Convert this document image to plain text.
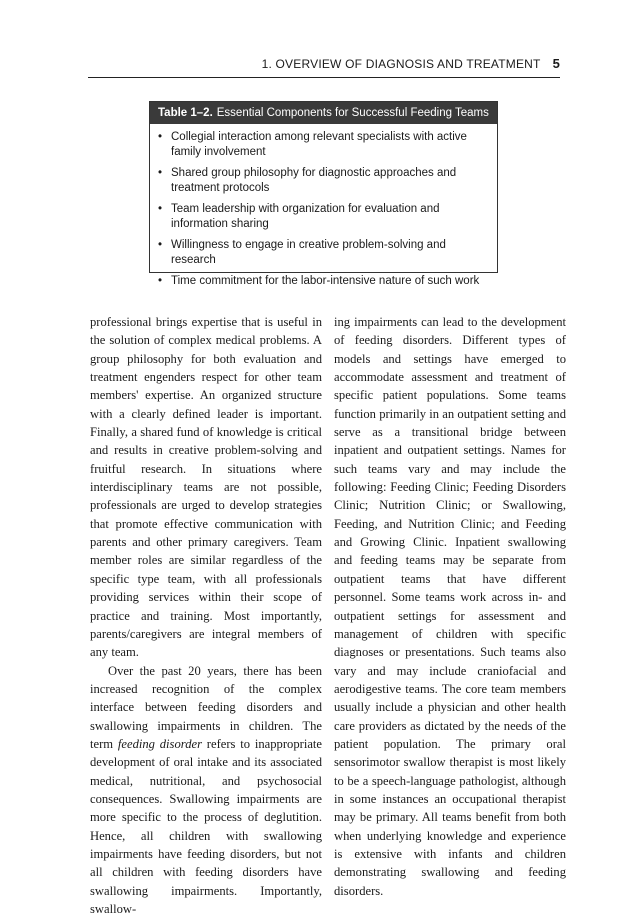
1. OVERVIEW OF DIAGNOSIS AND TREATMENT 5
Table 1–2. Essential Components for Successful Feeding Teams
• Collegial interaction among relevant specialists with active family involvement
• Shared group philosophy for diagnostic approaches and treatment protocols
• Team leadership with organization for evaluation and information sharing
• Willingness to engage in creative problem-solving and research
• Time commitment for the labor-intensive nature of such work

professional brings expertise that is useful in the solution of complex medical problems. A group philosophy for both evaluation and treatment engenders respect for other team members' expertise. An organized structure with a clearly defined leader is important. Finally, a shared fund of knowledge is critical and results in creative problem-solving and fruitful research. In situations where interdisciplinary teams are not possible, professionals are urged to develop strategies that promote effective communication with parents and other primary caregivers. Team member roles are similar regardless of the specific type team, with all professionals providing services within their scope of practice and training. Most importantly, parents/caregivers are integral members of any team.

Over the past 20 years, there has been increased recognition of the complex interface between feeding disorders and swallowing impairments in children. The term feeding disorder refers to inappropriate development of oral intake and its associated medical, nutritional, and psychosocial consequences. Swallowing impairments are more specific to the process of deglutition. Hence, all children with swallowing impairments have feeding disorders, but not all children with feeding disorders have swallowing impairments. Importantly, swallow-

ing impairments can lead to the development of feeding disorders. Different types of models and settings have emerged to accommodate assessment and treatment of specific patient populations. Some teams function primarily in an outpatient setting and serve as a transitional bridge between inpatient and outpatient settings. Names for such teams vary and may include the following: Feeding Clinic; Feeding Disorders Clinic; Nutrition Clinic; or Swallowing, Feeding, and Nutrition Clinic; and Feeding and Growing Clinic. Inpatient swallowing and feeding teams may be separate from outpatient teams that have different personnel. Some teams work across in- and outpatient settings for assessment and management of children with specific diagnoses or presentations. Such teams also vary and may include craniofacial and aerodigestive teams. The core team members usually include a physician and other health care providers as dictated by the needs of the patient population. The primary oral sensorimotor swallow therapist is most likely to be a speech-language pathologist, although in some instances an occupational therapist may be primary. All teams benefit from both when underlying knowledge and experience is extensive with infants and children demonstrating swallowing and feeding disorders.
